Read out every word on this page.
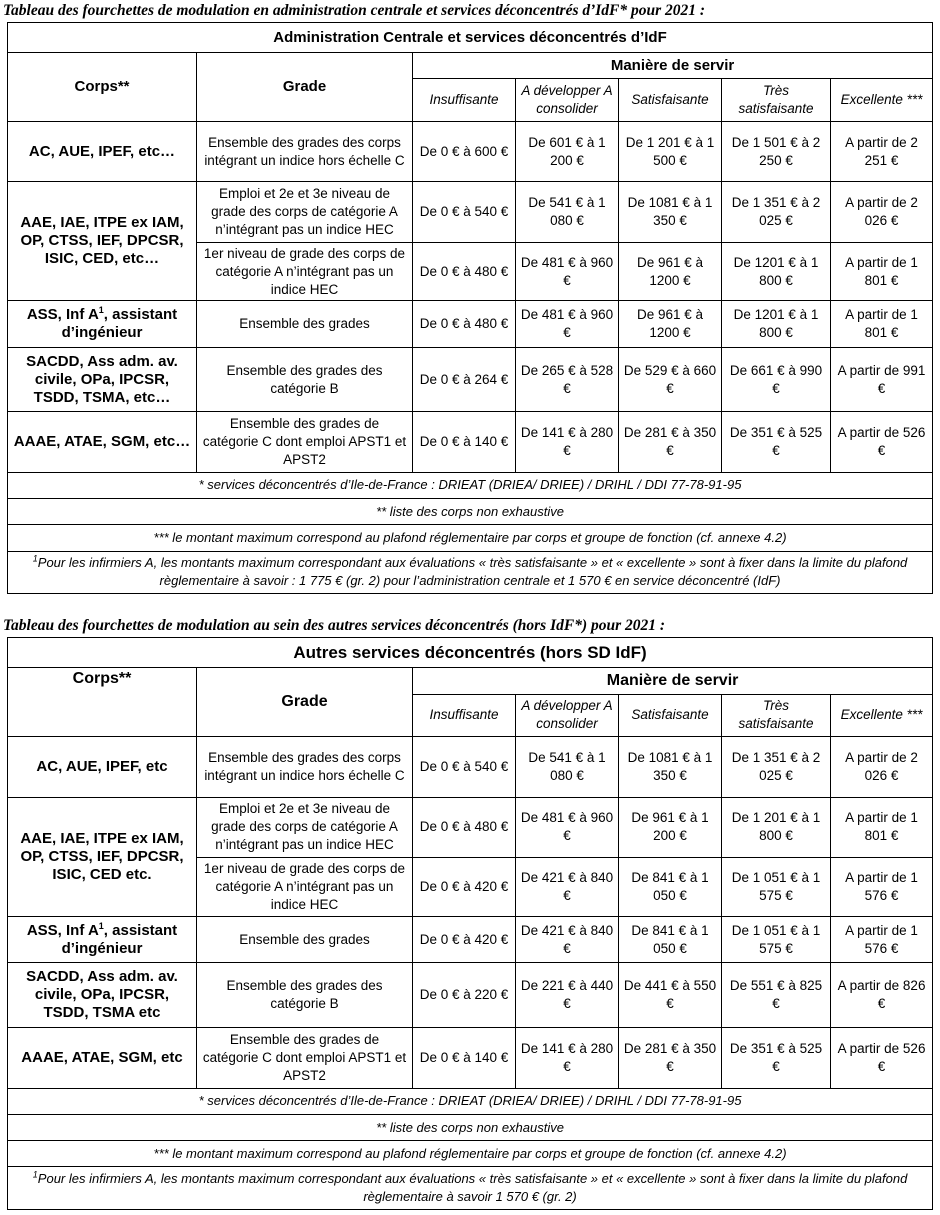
Tableau des fourchettes de modulation en administration centrale et services déconcentrés d’IdF* pour 2021 :
Administration Centrale et services déconcentrés d’IdF						
Corps**	Grade	Manière de servir				
		Insuffisante	A développer A consolider	Satisfaisante	Très satisfaisante	Excellente ***
AC, AUE, IPEF, etc…	Ensemble des grades des corps intégrant un indice hors échelle C	De 0 € à 600 €	De 601 € à 1 200 €	De 1 201 € à 1 500 €	De 1 501 € à 2 250 €	A partir de 2 251 €
AAE, IAE, ITPE ex IAM, OP, CTSS, IEF, DPCSR, ISIC, CED, etc…	Emploi et 2e et 3e niveau de grade des corps de catégorie A n’intégrant pas un indice HEC	De 0 € à 540 €	De 541 € à 1 080 €	De 1081 € à 1 350 €	De 1 351 € à 2 025 €	A partir de 2 026 €
	1er niveau de grade des corps de catégorie A n’intégrant pas un indice HEC	De 0 € à 480 €	De 481 € à 960 €	De 961 € à 1200 €	De 1201 € à 1 800 €	A partir de 1 801 €
ASS, Inf $A^1$, assistant d’ingénieur	Ensemble des grades	De 0 € à 480 €	De 481 € à 960 €	De 961 € à 1200 €	De 1201 € à 1 800 €	A partir de 1 801 €
SACDD, Ass adm. av. civile, OPa, IPCSR, TSDD, TSMA, etc…	Ensemble des grades des catégorie B	De 0 € à 264 €	De 265 € à 528 €	De 529 € à 660 €	De 661 € à 990 €	A partir de 991 €
AAAE, ATAE, SGM, etc…	Ensemble des grades de catégorie C dont emploi APST1 et APST2	De 0 € à 140 €	De 141 € à 280 €	De 281 € à 350 €	De 351 € à 525 €	A partir de 526 €
* services déconcentrés d’Ile-de-France : DRIEAT (DRIEA/ DRIEE) / DRIHL / DDI 77-78-91-95						
** liste des corps non exhaustive						
*** le montant maximum correspond au plafond réglementaire par corps et groupe de fonction (cf. annexe 4.2)						
$^1$Pour les infirmiers A, les montants maximum correspondant aux évaluations « très satisfaisante » et « excellente » sont à fixer dans la limite du plafond règlementaire à savoir : 1 775 € (gr. 2) pour l’administration centrale et 1 570 € en service déconcentré (IdF)						
Tableau des fourchettes de modulation au sein des autres services déconcentrés (hors IdF*) pour 2021 :
Autres services déconcentrés (hors SD IdF)						
Corps**	Grade	Manière de servir				
		Insuffisante	A développer A consolider	Satisfaisante	Très satisfaisante	Excellente ***
AC, AUE, IPEF, etc	Ensemble des grades des corps intégrant un indice hors échelle C	De 0 € à 540 €	De 541 € à 1 080 €	De 1081 € à 1 350 €	De 1 351 € à 2 025 €	A partir de 2 026 €
AAE, IAE, ITPE ex IAM, OP, CTSS, IEF, DPCSR, ISIC, CED etc.	Emploi et 2e et 3e niveau de grade des corps de catégorie A n’intégrant pas un indice HEC	De 0 € à 480 €	De 481 € à 960 €	De 961 € à 1 200 €	De 1 201 € à 1 800 €	A partir de 1 801 €
	1er niveau de grade des corps de catégorie A n’intégrant pas un indice HEC	De 0 € à 420 €	De 421 € à 840 €	De 841 € à 1 050 €	De 1 051 € à 1 575 €	A partir de 1 576 €
ASS, Inf $A^1$, assistant d’ingénieur	Ensemble des grades	De 0 € à 420 €	De 421 € à 840 €	De 841 € à 1 050 €	De 1 051 € à 1 575 €	A partir de 1 576 €
SACDD, Ass adm. av. civile, OPa, IPCSR, TSDD, TSMA etc	Ensemble des grades des catégorie B	De 0 € à 220 €	De 221 € à 440 €	De 441 € à 550 €	De 551 € à 825 €	A partir de 826 €
AAAE, ATAE, SGM, etc	Ensemble des grades de catégorie C dont emploi APST1 et APST2	De 0 € à 140 €	De 141 € à 280 €	De 281 € à 350 €	De 351 € à 525 €	A partir de 526 €
* services déconcentrés d’Ile-de-France : DRIEAT (DRIEA/ DRIEE) / DRIHL / DDI 77-78-91-95						
** liste des corps non exhaustive						
*** le montant maximum correspond au plafond réglementaire par corps et groupe de fonction (cf. annexe 4.2)						
$^1$Pour les infirmiers A, les montants maximum correspondant aux évaluations « très satisfaisante » et « excellente » sont à fixer dans la limite du plafond règlementaire à savoir 1 570 € (gr. 2)						
